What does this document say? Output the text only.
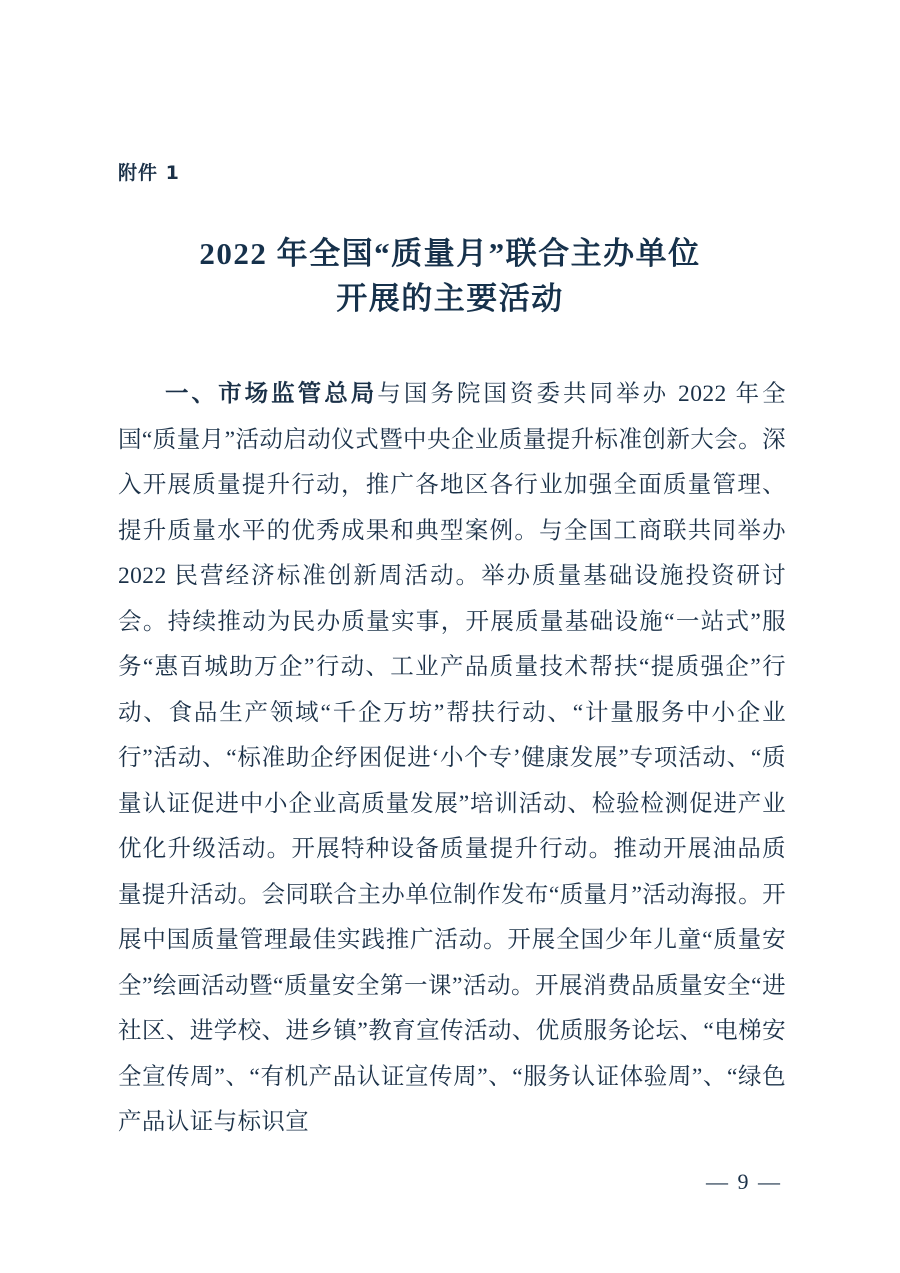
附件 1
2022 年全国“质量月”联合主办单位
开展的主要活动

一、市场监管总局与国务院国资委共同举办 2022 年全国“质量月”活动启动仪式暨中央企业质量提升标准创新大会。深入开展质量提升行动，推广各地区各行业加强全面质量管理、提升质量水平的优秀成果和典型案例。与全国工商联共同举办 2022 民营经济标准创新周活动。举办质量基础设施投资研讨会。持续推动为民办质量实事，开展质量基础设施“一站式”服务“惠百城助万企”行动、工业产品质量技术帮扶“提质强企”行动、食品生产领域“千企万坊”帮扶行动、“计量服务中小企业行”活动、“标准助企纾困促进‘小个专’健康发展”专项活动、“质量认证促进中小企业高质量发展”培训活动、检验检测促进产业优化升级活动。开展特种设备质量提升行动。推动开展油品质量提升活动。会同联合主办单位制作发布“质量月”活动海报。开展中国质量管理最佳实践推广活动。开展全国少年儿童“质量安全”绘画活动暨“质量安全第一课”活动。开展消费品质量安全“进社区、进学校、进乡镇”教育宣传活动、优质服务论坛、“电梯安全宣传周”、“有机产品认证宣传周”、“服务认证体验周”、“绿色产品认证与标识宣

— 9 —
